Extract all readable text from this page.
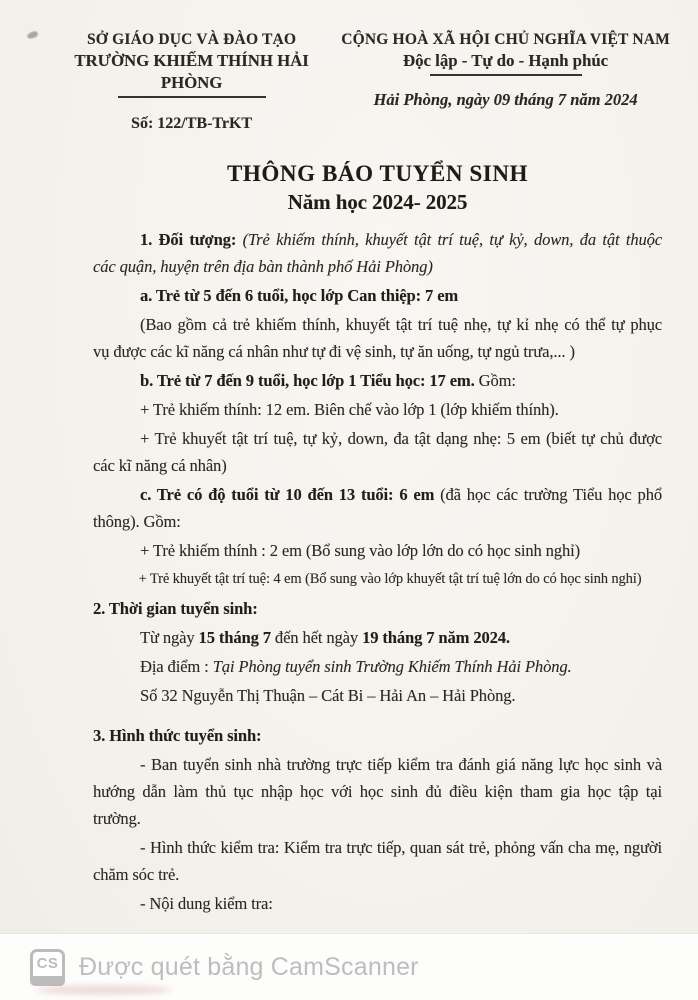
SỞ GIÁO DỤC VÀ ĐÀO TẠO
TRƯỜNG KHIẾM THÍNH HẢI PHÒNG
Số: 122/TB-TrKT
CỘNG HOÀ XÃ HỘI CHỦ NGHĨA VIỆT NAM
Độc lập - Tự do - Hạnh phúc
Hải Phòng, ngày 09 tháng 7 năm 2024
THÔNG BÁO TUYỂN SINH
Năm học 2024- 2025
1. Đối tượng: (Trẻ khiếm thính, khuyết tật trí tuệ, tự kỷ, down, đa tật thuộc
các quận, huyện trên địa bàn thành phố Hải Phòng)
a. Trẻ từ 5 đến 6 tuổi, học lớp Can thiệp: 7 em
(Bao gồm cả trẻ khiếm thính, khuyết tật trí tuệ nhẹ, tự kỉ nhẹ có thể tự phục
vụ được các kĩ năng cá nhân như tự đi vệ sinh, tự ăn uống, tự ngủ trưa,... )
b. Trẻ từ 7 đến 9 tuổi, học lớp 1 Tiểu học: 17 em. Gồm:
+ Trẻ khiếm thính: 12 em. Biên chế vào lớp 1 (lớp khiếm thính).
+ Trẻ khuyết tật trí tuệ, tự kỷ, down, đa tật dạng nhẹ: 5 em (biết tự chủ được
các kĩ năng cá nhân)
c. Trẻ có độ tuổi từ 10 đến 13 tuổi: 6 em (đã học các trường Tiểu học phổ
thông). Gồm:
+ Trẻ khiếm thính : 2 em (Bổ sung vào lớp lớn do có học sinh nghỉ)
+ Trẻ khuyết tật trí tuệ: 4 em (Bổ sung vào lớp khuyết tật trí tuệ lớn do có học sinh nghỉ)
2. Thời gian tuyển sinh:
Từ ngày 15 tháng 7 đến hết ngày 19 tháng 7 năm 2024.
Địa điểm : Tại Phòng tuyển sinh Trường Khiếm Thính Hải Phòng.
Số 32 Nguyễn Thị Thuận – Cát Bi – Hải An – Hải Phòng.
3. Hình thức tuyển sinh:
- Ban tuyển sinh nhà trường trực tiếp kiểm tra đánh giá năng lực học sinh và
hướng dẫn làm thủ tục nhập học với học sinh đủ điều kiện tham gia học tập tại
trường.
- Hình thức kiểm tra: Kiểm tra trực tiếp, quan sát trẻ, phỏng vấn cha mẹ, người
chăm sóc trẻ.
- Nội dung kiểm tra:
CS Được quét bằng CamScanner
